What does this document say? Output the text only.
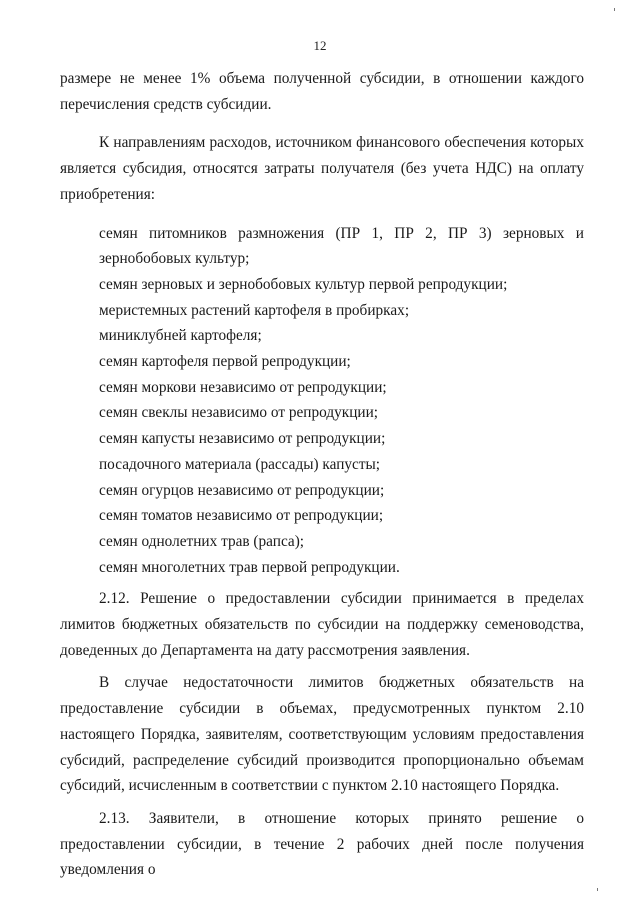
12

размере не менее 1% объема полученной субсидии, в отношении каждого перечисления средств субсидии.

К направлениям расходов, источником финансового обеспечения которых является субсидия, относятся затраты получателя (без учета НДС) на оплату приобретения:

семян питомников размножения (ПР 1, ПР 2, ПР 3) зерновых и зернобобовых культур;

семян зерновых и зернобобовых культур первой репродукции;

меристемных растений картофеля в пробирках;

миниклубней картофеля;

семян картофеля первой репродукции;

семян моркови независимо от репродукции;

семян свеклы независимо от репродукции;

семян капусты независимо от репродукции;

посадочного материала (рассады) капусты;

семян огурцов независимо от репродукции;

семян томатов независимо от репродукции;

семян однолетних трав (рапса);

семян многолетних трав первой репродукции.

2.12. Решение о предоставлении субсидии принимается в пределах лимитов бюджетных обязательств по субсидии на поддержку семеноводства, доведенных до Департамента на дату рассмотрения заявления.

В случае недостаточности лимитов бюджетных обязательств на предоставление субсидии в объемах, предусмотренных пунктом 2.10 настоящего Порядка, заявителям, соответствующим условиям предоставления субсидий, распределение субсидий производится пропорционально объемам субсидий, исчисленным в соответствии с пунктом 2.10 настоящего Порядка.

2.13. Заявители, в отношение которых принято решение о предоставлении субсидии, в течение 2 рабочих дней после получения уведомления о
